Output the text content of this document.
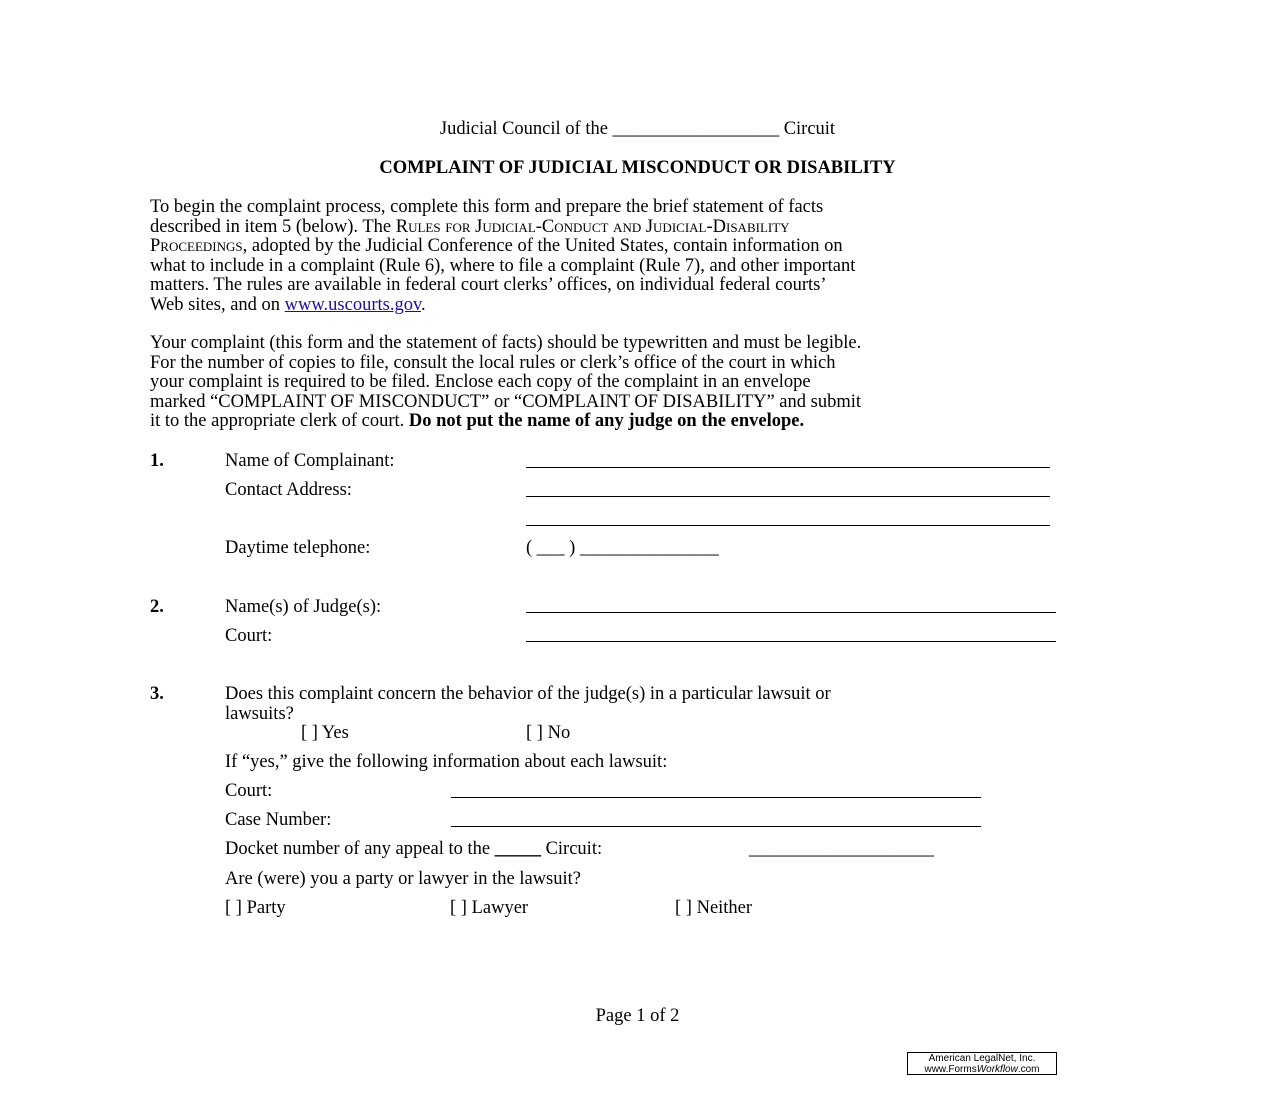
Judicial Council of the __________________ Circuit
COMPLAINT OF JUDICIAL MISCONDUCT OR DISABILITY
To begin the complaint process, complete this form and prepare the brief statement of facts
described in item 5 (below). The Rules for Judicial-Conduct and Judicial-Disability
Proceedings, adopted by the Judicial Conference of the United States, contain information on
what to include in a complaint (Rule 6), where to file a complaint (Rule 7), and other important
matters. The rules are available in federal court clerks’ offices, on individual federal courts’
Web sites, and on www.uscourts.gov.
Your complaint (this form and the statement of facts) should be typewritten and must be legible.
For the number of copies to file, consult the local rules or clerk’s office of the court in which
your complaint is required to be filed. Enclose each copy of the complaint in an envelope
marked “COMPLAINT OF MISCONDUCT” or “COMPLAINT OF DISABILITY” and submit
it to the appropriate clerk of court. Do not put the name of any judge on the envelope.
1.	Name of Complainant:
Contact Address:
Daytime telephone:	( ___ ) _______________
2.	Name(s) of Judge(s):
Court:
3.	Does this complaint concern the behavior of the judge(s) in a particular lawsuit or
lawsuits?
[ ] Yes	[ ] No
If “yes,” give the following information about each lawsuit:
Court:
Case Number:
Docket number of any appeal to the _____ Circuit:	____________________
Are (were) you a party or lawyer in the lawsuit?
[ ] Party	[ ] Lawyer	[ ] Neither
Page 1 of 2
American LegalNet, Inc.
www.FormsWorkflow.com
